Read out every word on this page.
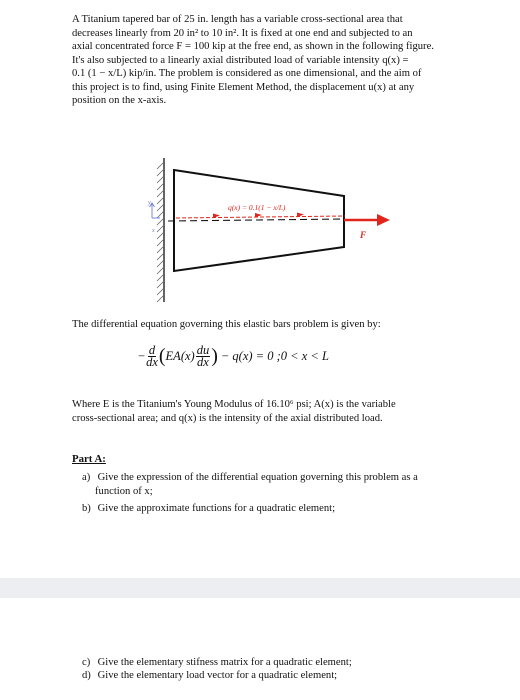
A Titanium tapered bar of 25 in. length has a variable cross-sectional area that

decreases linearly from 20 in² to 10 in². It is fixed at one end and subjected to an

axial concentrated force F = 100 kip at the free end, as shown in the following figure.

It's also subjected to a linearly axial distributed load of variable intensity q(x) =

0.1 (1 − x/L) kip/in. The problem is considered as one dimensional, and the aim of

this project is to find, using Finite Element Method, the displacement u(x) at any

position on the x-axis.

y
x
q(x) = 0.1(1 − x/L)
F

The differential equation governing this elastic bars problem is given by:

− $\frac{d}{dx}$ ( $EA(x) \frac{du}{dx}$ ) − q(x) = 0 ;0 < x < L

Where E is the Titanium's Young Modulus of 16.10⁶ psi; A(x) is the variable

cross-sectional area; and q(x) is the intensity of the axial distributed load.

Part A:
a) Give the expression of the differential equation governing this problem as a
function of x;
b) Give the approximate functions for a quadratic element;
c) Give the elementary stifness matrix for a quadratic element;
d) Give the elementary load vector for a quadratic element;
